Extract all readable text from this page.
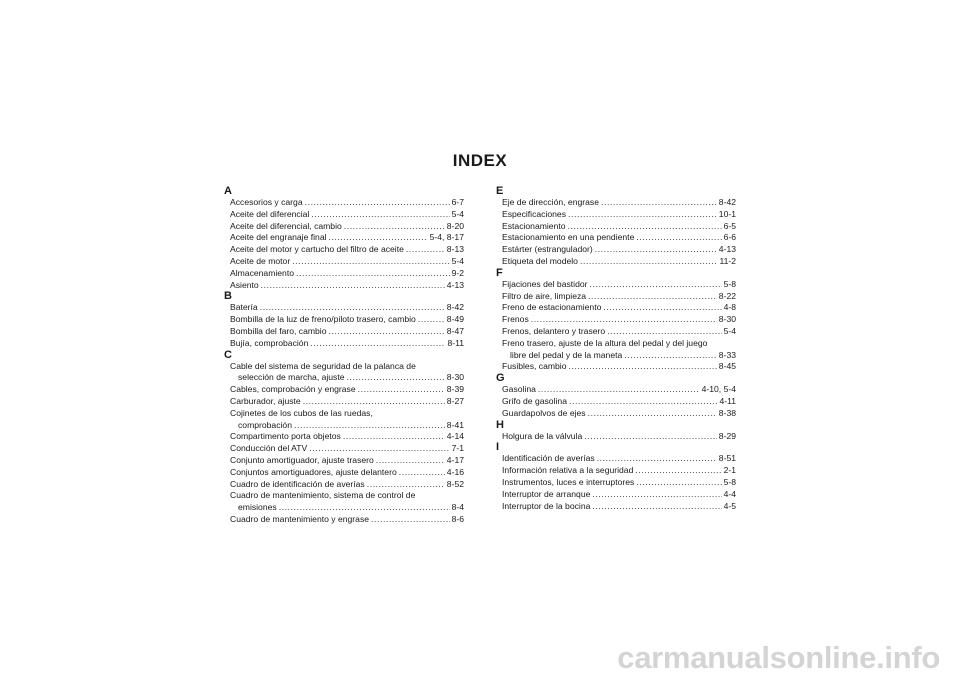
INDEX
A
Accesorios y carga .....	6-7
Aceite del diferencial .....	5-4
Aceite del diferencial, cambio .....	8-20
Aceite del engranaje final .....	5-4, 8-17
Aceite del motor y cartucho del filtro de aceite .....	8-13
Aceite de motor .....	5-4
Almacenamiento .....	9-2
Asiento .....	4-13
B
Batería .....	8-42
Bombilla de la luz de freno/piloto trasero, cambio .....	8-49
Bombilla del faro, cambio .....	8-47
Bujía, comprobación .....	8-11
C
Cable del sistema de seguridad de la palanca de
selección de marcha, ajuste .....	8-30
Cables, comprobación y engrase .....	8-39
Carburador, ajuste .....	8-27
Cojinetes de los cubos de las ruedas,
comprobación .....	8-41
Compartimento porta objetos .....	4-14
Conducción del ATV .....	7-1
Conjunto amortiguador, ajuste trasero .....	4-17
Conjuntos amortiguadores, ajuste delantero .....	4-16
Cuadro de identificación de averías .....	8-52
Cuadro de mantenimiento, sistema de control de
emisiones .....	8-4
Cuadro de mantenimiento y engrase .....	8-6
E
Eje de dirección, engrase .....	8-42
Especificaciones .....	10-1
Estacionamiento .....	6-5
Estacionamiento en una pendiente .....	6-6
Estárter (estrangulador) .....	4-13
Etiqueta del modelo .....	11-2
F
Fijaciones del bastidor .....	5-8
Filtro de aire, limpieza .....	8-22
Freno de estacionamiento .....	4-8
Frenos .....	8-30
Frenos, delantero y trasero .....	5-4
Freno trasero, ajuste de la altura del pedal y del juego
libre del pedal y de la maneta .....	8-33
Fusibles, cambio .....	8-45
G
Gasolina .....	4-10, 5-4
Grifo de gasolina .....	4-11
Guardapolvos de ejes .....	8-38
H
Holgura de la válvula .....	8-29
I
Identificación de averías .....	8-51
Información relativa a la seguridad .....	2-1
Instrumentos, luces e interruptores .....	5-8
Interruptor de arranque .....	4-4
Interruptor de la bocina .....	4-5
carmanualsonline.info
